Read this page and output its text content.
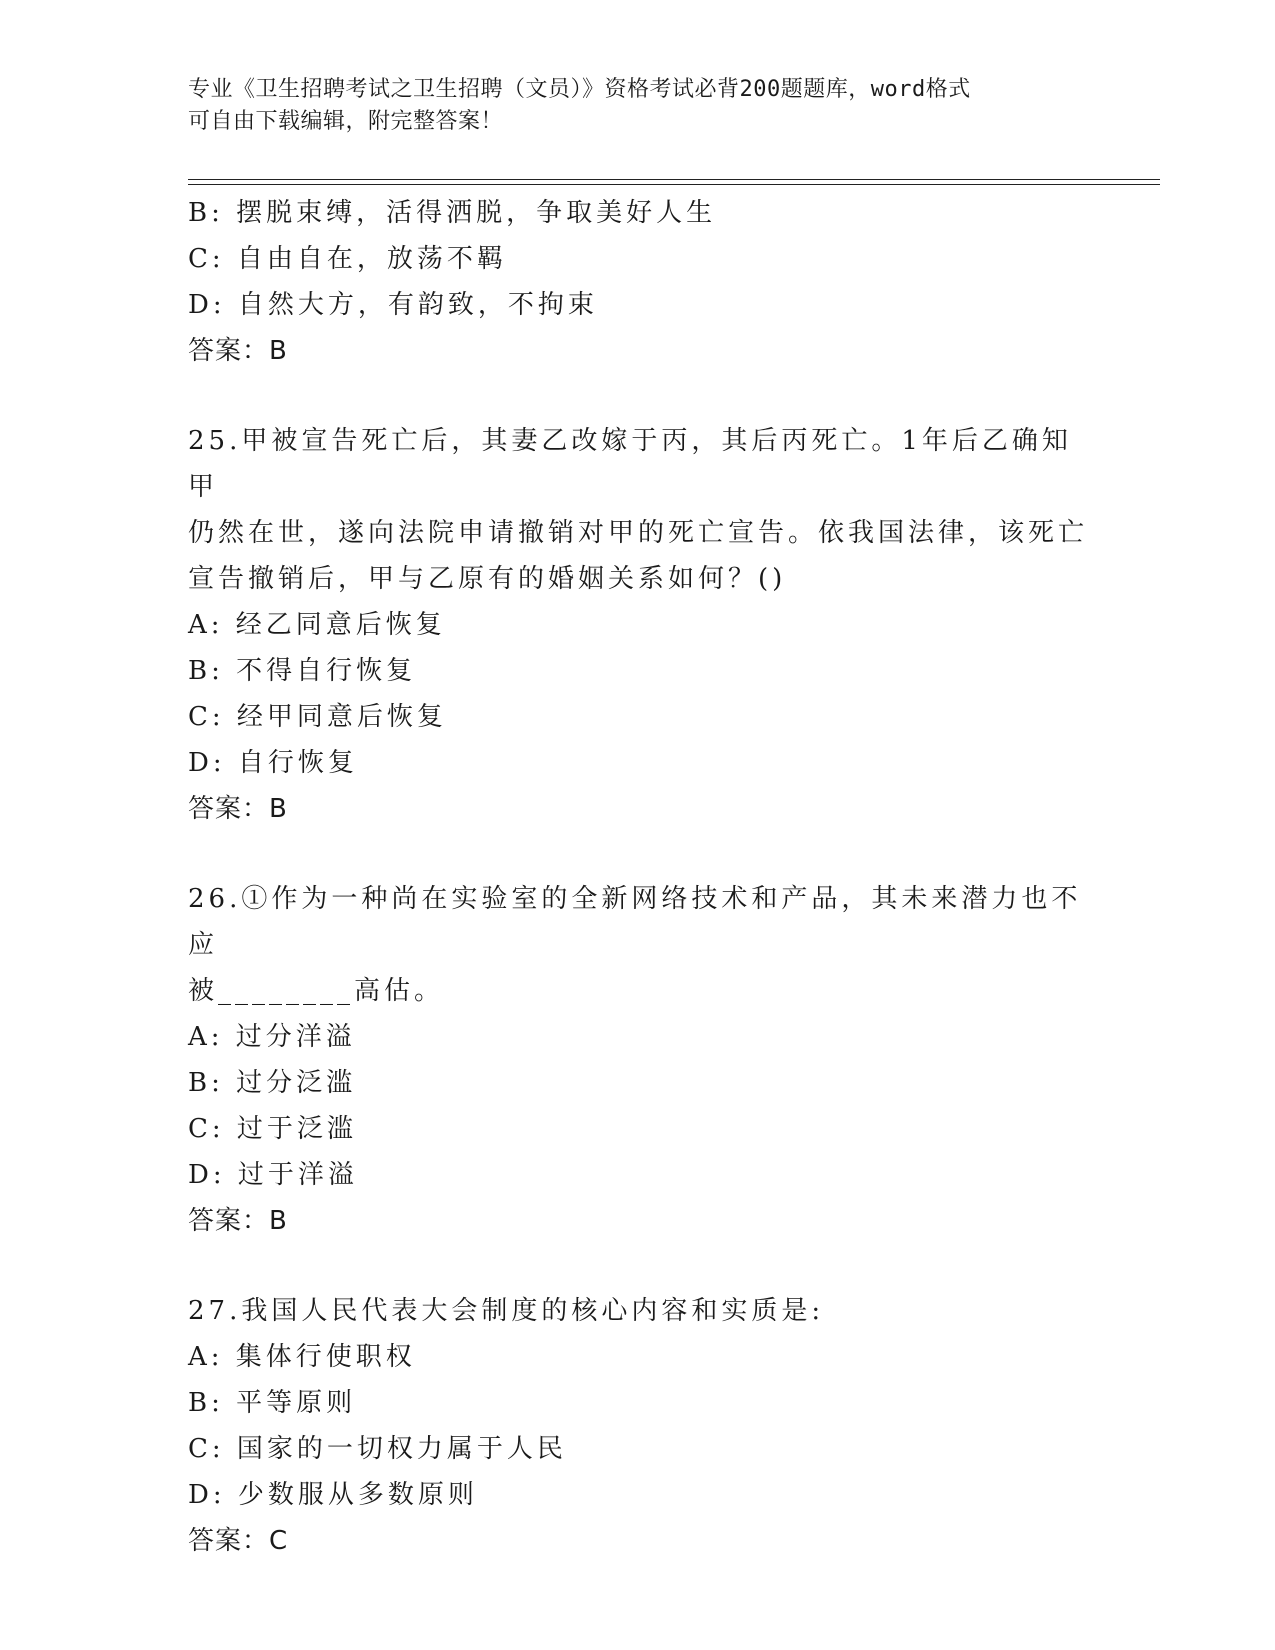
专业《卫生招聘考试之卫生招聘（文员）》资格考试必背200题题库，word格式
可自由下载编辑，附完整答案！
B: 摆脱束缚，活得洒脱，争取美好人生
C: 自由自在，放荡不羁
D: 自然大方，有韵致，不拘束
答案：B
25.甲被宣告死亡后，其妻乙改嫁于丙，其后丙死亡。1年后乙确知甲
仍然在世，遂向法院申请撤销对甲的死亡宣告。依我国法律，该死亡
宣告撤销后，甲与乙原有的婚姻关系如何？()
A: 经乙同意后恢复
B: 不得自行恢复
C: 经甲同意后恢复
D: 自行恢复
答案：B
26.①作为一种尚在实验室的全新网络技术和产品，其未来潜力也不应
被________高估。
A: 过分洋溢
B: 过分泛滥
C: 过于泛滥
D: 过于洋溢
答案：B
27.我国人民代表大会制度的核心内容和实质是:
A: 集体行使职权
B: 平等原则
C: 国家的一切权力属于人民
D: 少数服从多数原则
答案：C
